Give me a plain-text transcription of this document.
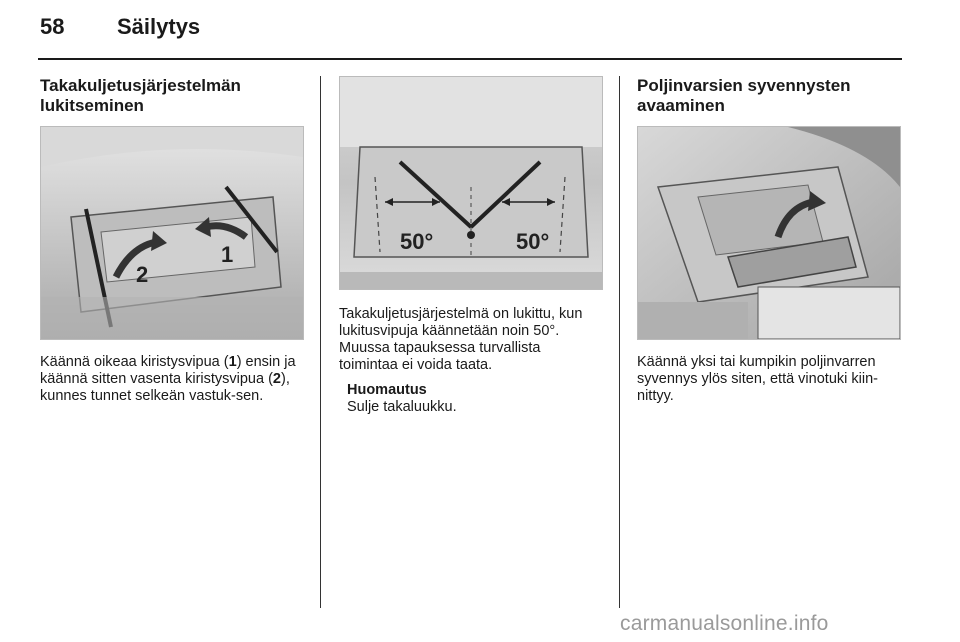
58 Säilytys
Takakuljetusjärjestelmän
lukitseminen
2
1

Käännä oikeaa kiristysvipua (1) ensin ja käännä sitten vasenta kiristysvipua (2), kunnes tunnet selkeän vastuk-sen.

50°	50°

Takakuljetusjärjestelmä on lukittu, kun lukitusvipuja käännetään noin 50°. Muussa tapauksessa turvallista toimintaa ei voida taata.

Huomautus
Sulje takaluukku.
Poljinvarsien syvennysten
avaaminen

Käännä yksi tai kumpikin poljinvarren syvennys ylös siten, että vinotuki kiin-nittyy.

carmanualsonline.info
